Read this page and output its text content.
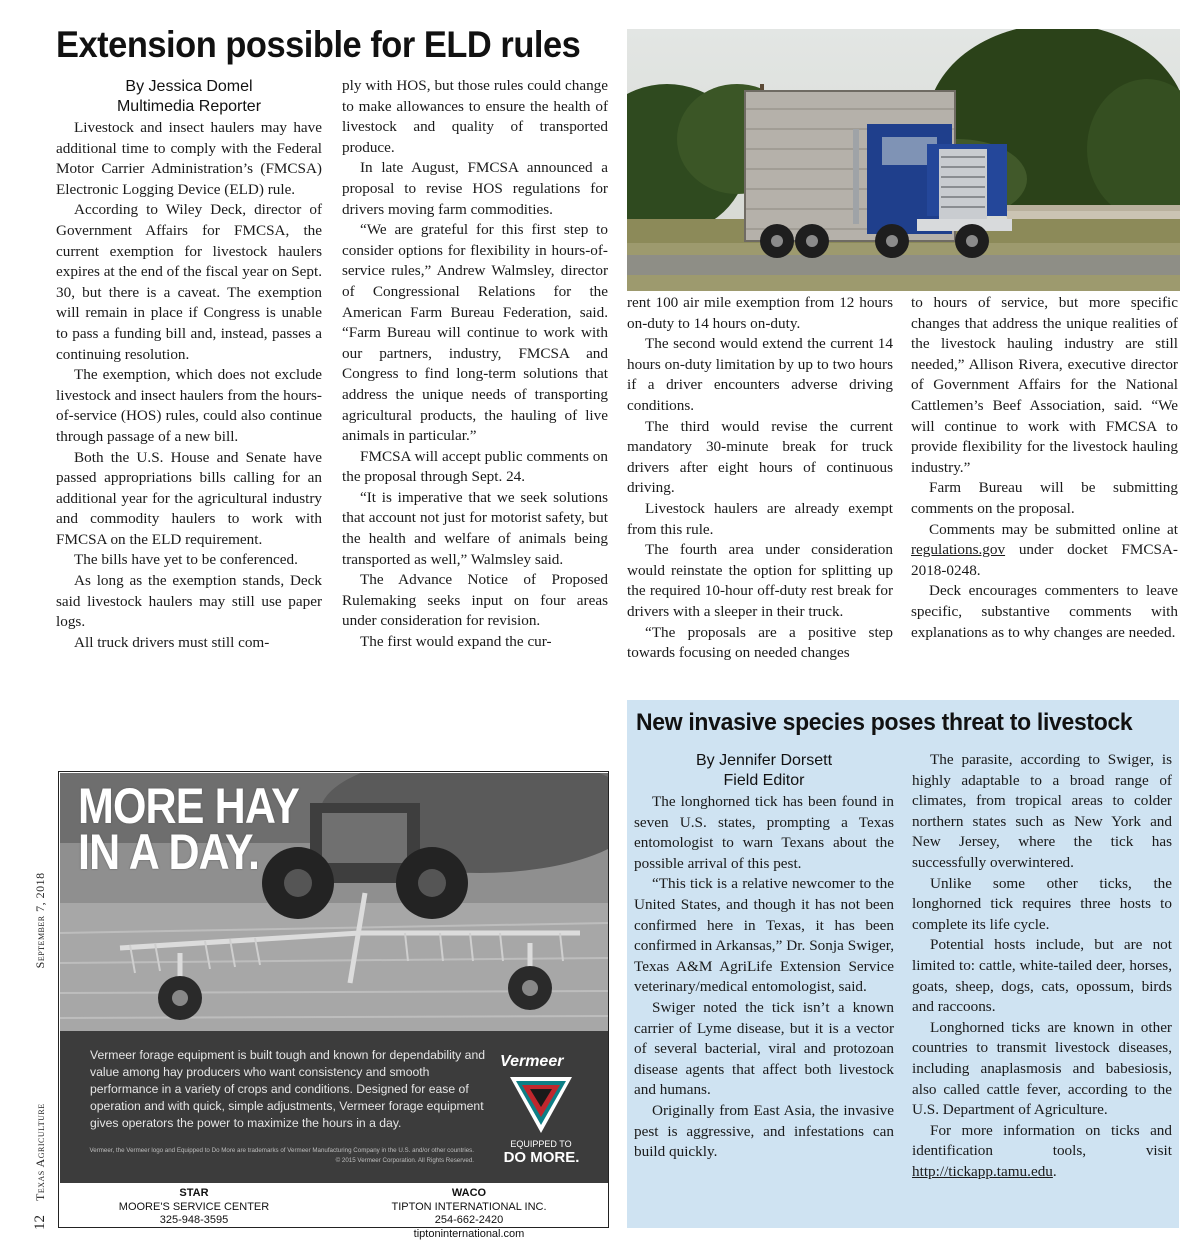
Extension possible for ELD rules
By Jessica Domel
Multimedia Reporter

Livestock and insect haulers may have additional time to comply with the Federal Motor Carrier Administration’s (FMCSA) Electronic Logging Device (ELD) rule.

According to Wiley Deck, director of Government Affairs for FMCSA, the current exemption for livestock haulers expires at the end of the fiscal year on Sept. 30, but there is a caveat. The exemption will remain in place if Congress is unable to pass a funding bill and, instead, passes a continuing resolution.

The exemption, which does not exclude livestock and insect haulers from the hours-of-service (HOS) rules, could also continue through passage of a new bill.

Both the U.S. House and Senate have passed appropriations bills calling for an additional year for the agricultural industry and commodity haulers to work with FMCSA on the ELD requirement.

The bills have yet to be conferenced.

As long as the exemption stands, Deck said livestock haulers may still use paper logs.

All truck drivers must still com-

ply with HOS, but those rules could change to make allowances to ensure the health of livestock and quality of transported produce.

In late August, FMCSA announced a proposal to revise HOS regulations for drivers moving farm commodities.

“We are grateful for this first step to consider options for flexibility in hours-of-service rules,” Andrew Walmsley, director of Congressional Relations for the American Farm Bureau Federation, said. “Farm Bureau will continue to work with our partners, industry, FMCSA and Congress to find long-term solutions that address the unique needs of transporting agricultural products, the hauling of live animals in particular.”

FMCSA will accept public comments on the proposal through Sept. 24.

“It is imperative that we seek solutions that account not just for motorist safety, but the health and welfare of animals being transported as well,” Walmsley said.

The Advance Notice of Proposed Rulemaking seeks input on four areas under consideration for revision.

The first would expand the cur-

rent 100 air mile exemption from 12 hours on-duty to 14 hours on-duty.

The second would extend the current 14 hours on-duty limitation by up to two hours if a driver encounters adverse driving conditions.

The third would revise the current mandatory 30-minute break for truck drivers after eight hours of continuous driving.

Livestock haulers are already exempt from this rule.

The fourth area under consideration would reinstate the option for splitting up the required 10-hour off-duty rest break for drivers with a sleeper in their truck.

“The proposals are a positive step towards focusing on needed changes

to hours of service, but more specific changes that address the unique realities of the livestock hauling industry are still needed,” Allison Rivera, executive director of Government Affairs for the National Cattlemen’s Beef Association, said. “We will continue to work with FMCSA to provide flexibility for the livestock hauling industry.”

Farm Bureau will be submitting comments on the proposal.

Comments may be submitted online at regulations.gov under docket FMCSA-2018-0248.

Deck encourages commenters to leave specific, substantive comments with explanations as to why changes are needed.

12
Texas Agriculture
September 7, 2018
MORE HAY
IN A DAY.
Vermeer forage equipment is built tough and known for dependability and value among hay producers who want consistency and smooth performance in a variety of crops and conditions. Designed for ease of operation and with quick, simple adjustments, Vermeer forage equipment gives operators the power to maximize the hours in a day.
Vermeer, the Vermeer logo and Equipped to Do More are trademarks of Vermeer Manufacturing Company in the U.S. and/or other countries.
© 2015 Vermeer Corporation. All Rights Reserved.
Vermeer
EQUIPPED TO
DO MORE.
STAR
MOORE'S SERVICE CENTER
325-948-3595
WACO
TIPTON INTERNATIONAL INC.
254-662-2420
tiptoninternational.com
New invasive species poses threat to livestock
By Jennifer Dorsett
Field Editor

The longhorned tick has been found in seven U.S. states, prompting a Texas entomologist to warn Texans about the possible arrival of this pest.

“This tick is a relative newcomer to the United States, and though it has not been confirmed here in Texas, it has been confirmed in Arkansas,” Dr. Sonja Swiger, Texas A&M AgriLife Extension Service veterinary/medical entomologist, said.

Swiger noted the tick isn’t a known carrier of Lyme disease, but it is a vector of several bacterial, viral and protozoan disease agents that affect both livestock and humans.

Originally from East Asia, the invasive pest is aggressive, and infestations can build quickly.

The parasite, according to Swiger, is highly adaptable to a broad range of climates, from tropical areas to colder northern states such as New York and New Jersey, where the tick has successfully overwintered.

Unlike some other ticks, the longhorned tick requires three hosts to complete its life cycle.

Potential hosts include, but are not limited to: cattle, white-tailed deer, horses, goats, sheep, dogs, cats, opossum, birds and raccoons.

Longhorned ticks are known in other countries to transmit livestock diseases, including anaplasmosis and babesiosis, also called cattle fever, according to the U.S. Department of Agriculture.

For more information on ticks and identification tools, visit http://tickapp.tamu.edu.
